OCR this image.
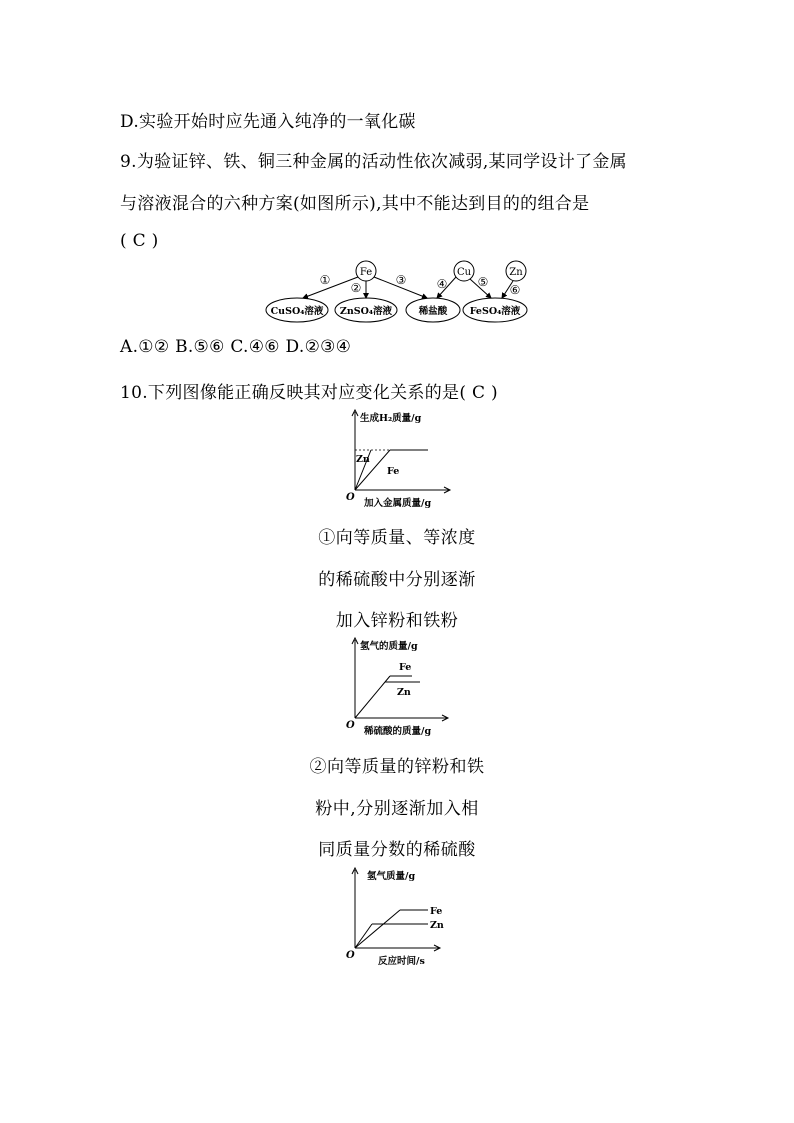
D.实验开始时应先通入纯净的一氧化碳
9.为验证锌、铁、铜三种金属的活动性依次减弱,某同学设计了金属
与溶液混合的六种方案(如图所示),其中不能达到目的的组合是
( C )
Fe	Cu	Zn
①
②
③	④	⑤
⑥
CuSO₄溶液 ZnSO₄溶液	稀盐酸 FeSO₄溶液
A.①② B.⑤⑥ C.④⑥ D.②③④
10.下列图像能正确反映其对应变化关系的是( C )
生成H₂质量/g
加入金属质量/g
O
Zn
Fe
①向等质量、等浓度
的稀硫酸中分别逐渐
加入锌粉和铁粉
氢气的质量/g
稀硫酸的质量/g
O
Fe
Zn
②向等质量的锌粉和铁
粉中,分别逐渐加入相
同质量分数的稀硫酸
氢气质量/g
反应时间/s
O
Fe
Zn
